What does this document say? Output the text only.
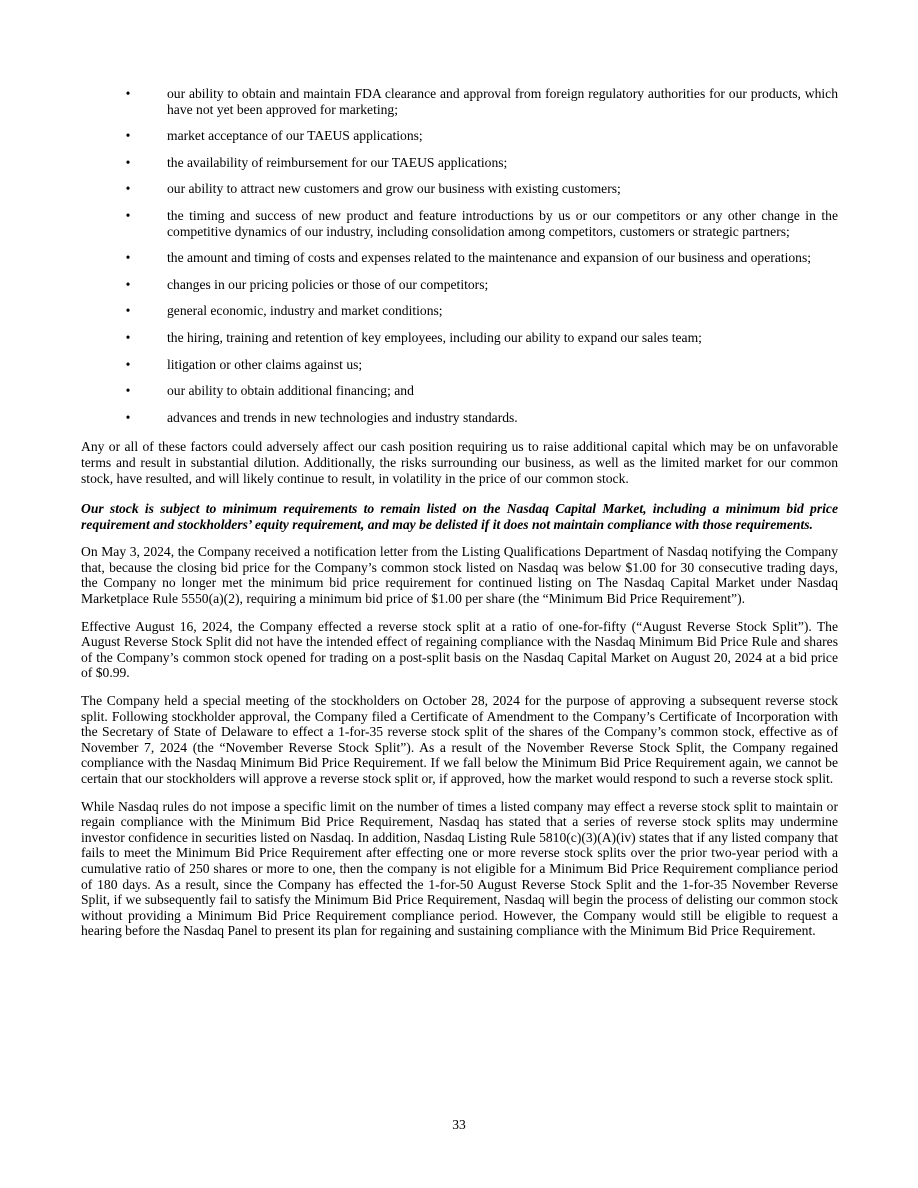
•	our ability to obtain and maintain FDA clearance and approval from foreign regulatory authorities for our products, which have not yet been approved for marketing;
•	market acceptance of our TAEUS applications;
•	the availability of reimbursement for our TAEUS applications;
•	our ability to attract new customers and grow our business with existing customers;
•	the timing and success of new product and feature introductions by us or our competitors or any other change in the competitive dynamics of our industry, including consolidation among competitors, customers or strategic partners;
•	the amount and timing of costs and expenses related to the maintenance and expansion of our business and operations;
•	changes in our pricing policies or those of our competitors;
•	general economic, industry and market conditions;
•	the hiring, training and retention of key employees, including our ability to expand our sales team;
•	litigation or other claims against us;
•	our ability to obtain additional financing; and
•	advances and trends in new technologies and industry standards.

Any or all of these factors could adversely affect our cash position requiring us to raise additional capital which may be on unfavorable terms and result in substantial dilution. Additionally, the risks surrounding our business, as well as the limited market for our common stock, have resulted, and will likely continue to result, in volatility in the price of our common stock.

Our stock is subject to minimum requirements to remain listed on the Nasdaq Capital Market, including a minimum bid price requirement and stockholders’ equity requirement, and may be delisted if it does not maintain compliance with those requirements.

On May 3, 2024, the Company received a notification letter from the Listing Qualifications Department of Nasdaq notifying the Company that, because the closing bid price for the Company’s common stock listed on Nasdaq was below $1.00 for 30 consecutive trading days, the Company no longer met the minimum bid price requirement for continued listing on The Nasdaq Capital Market under Nasdaq Marketplace Rule 5550(a)(2), requiring a minimum bid price of $1.00 per share (the “Minimum Bid Price Requirement”).

Effective August 16, 2024, the Company effected a reverse stock split at a ratio of one-for-fifty (“August Reverse Stock Split”). The August Reverse Stock Split did not have the intended effect of regaining compliance with the Nasdaq Minimum Bid Price Rule and shares of the Company’s common stock opened for trading on a post-split basis on the Nasdaq Capital Market on August 20, 2024 at a bid price of $0.99.

The Company held a special meeting of the stockholders on October 28, 2024 for the purpose of approving a subsequent reverse stock split. Following stockholder approval, the Company filed a Certificate of Amendment to the Company’s Certificate of Incorporation with the Secretary of State of Delaware to effect a 1-for-35 reverse stock split of the shares of the Company’s common stock, effective as of November 7, 2024 (the “November Reverse Stock Split”). As a result of the November Reverse Stock Split, the Company regained compliance with the Nasdaq Minimum Bid Price Requirement. If we fall below the Minimum Bid Price Requirement again, we cannot be certain that our stockholders will approve a reverse stock split or, if approved, how the market would respond to such a reverse stock split.

While Nasdaq rules do not impose a specific limit on the number of times a listed company may effect a reverse stock split to maintain or regain compliance with the Minimum Bid Price Requirement, Nasdaq has stated that a series of reverse stock splits may undermine investor confidence in securities listed on Nasdaq. In addition, Nasdaq Listing Rule 5810(c)(3)(A)(iv) states that if any listed company that fails to meet the Minimum Bid Price Requirement after effecting one or more reverse stock splits over the prior two-year period with a cumulative ratio of 250 shares or more to one, then the company is not eligible for a Minimum Bid Price Requirement compliance period of 180 days. As a result, since the Company has effected the 1-for-50 August Reverse Stock Split and the 1-for-35 November Reverse Split, if we subsequently fail to satisfy the Minimum Bid Price Requirement, Nasdaq will begin the process of delisting our common stock without providing a Minimum Bid Price Requirement compliance period. However, the Company would still be eligible to request a hearing before the Nasdaq Panel to present its plan for regaining and sustaining compliance with the Minimum Bid Price Requirement.

33
